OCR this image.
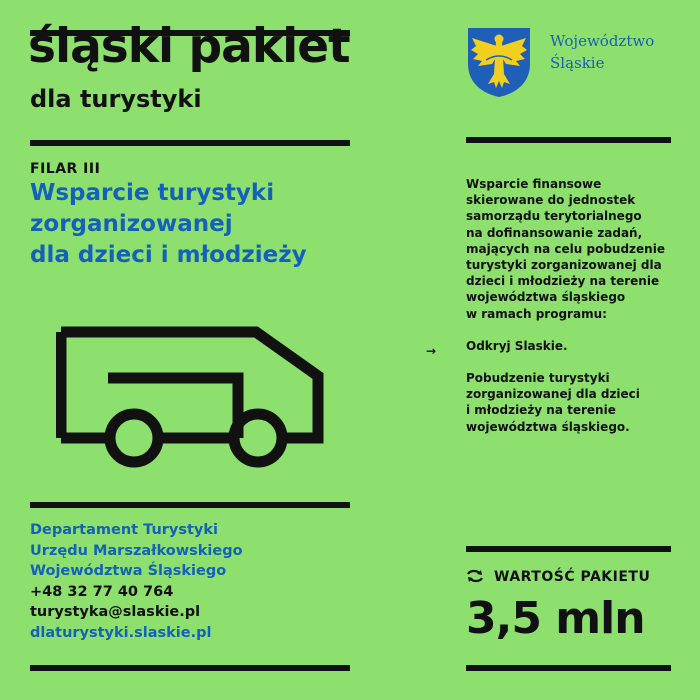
śląski pakiet
dla turystyki
Województwo
Śląskie
FILAR III
Wsparcie turystyki
zorganizowanej
dla dzieci i młodzieży
Wsparcie finansowe
skierowane do jednostek
samorządu terytorialnego
na dofinansowanie zadań,
mających na celu pobudzenie
turystyki zorganizowanej dla
dzieci i młodzieży na terenie
województwa śląskiego
w ramach programu:
Odkryj Slaskie.
Pobudzenie turystyki
zorganizowanej dla dzieci
i młodzieży na terenie
województwa śląskiego.
→
Departament Turystyki
Urzędu Marszałkowskiego
Województwa Śląskiego
+48 32 77 40 764
turystyka@slaskie.pl
dlaturystyki.slaskie.pl
WARTOŚĆ PAKIETU
3,5 mln
